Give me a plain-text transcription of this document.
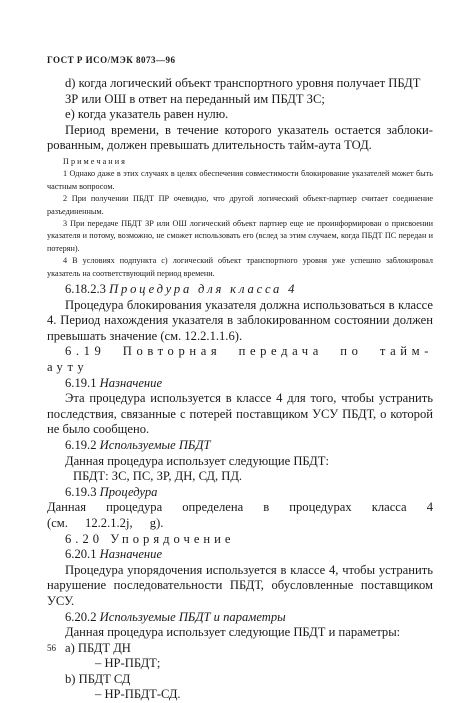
ГОСТ Р ИСО/МЭК 8073—96

d) когда логический объект транспортного уровня получает ПБДТ

ЗР или ОШ в ответ на переданный им ПБДТ ЗС;

e) когда указатель равен нулю.

Период времени, в течение которого указатель остается заблокированным, должен превышать длительность тайм-аута ТОД.

П р и м е ч а н и я

1 Однако даже в этих случаях в целях обеспечения совместимости блокирование указателей может быть частным вопросом.

2 При получении ПБДТ ПР очевидно, что другой логический объект-партнер считает соединение разъединенным.

3 При передаче ПБДТ ЗР или ОШ логический объект партнер еще не проинформирован о присвоении указателя и потому, возможно, не сможет использовать его (вслед за этим случаем, когда ПБДТ ПС передан и потерян).

4 В условиях подпункта c) логический объект транспортного уровня уже успешно заблокировал указатель на соответствующий период времени.

6.18.2.3 Процедура для класса 4

Процедура блокирования указателя должна использоваться в классе 4. Период нахождения указателя в заблокированном состоянии должен превышать значение (см. 12.2.1.1.6).

6.19 Повторная передача по тайм-ауту

6.19.1 Назначение

Эта процедура используется в классе 4 для того, чтобы устранить последствия, связанные с потерей поставщиком УСУ ПБДТ, о которой не было сообщено.

6.19.2 Используемые ПБДТ

Данная процедура использует следующие ПБДТ:

ПБДТ: ЗС, ПС, ЗР, ДН, СД, ПД.

6.19.3 Процедура

Данная процедура определена в процедурах класса 4 (см. 12.2.1.2j, g).

6.20 Упорядочение

6.20.1 Назначение

Процедура упорядочения используется в классе 4, чтобы устранить нарушение последовательности ПБДТ, обусловленные поставщиком УСУ.

6.20.2 Используемые ПБДТ и параметры

Данная процедура использует следующие ПБДТ и параметры:

a) ПБДТ ДН

– НР-ПБДТ;

b) ПБДТ СД

– НР-ПБДТ-СД.

56
